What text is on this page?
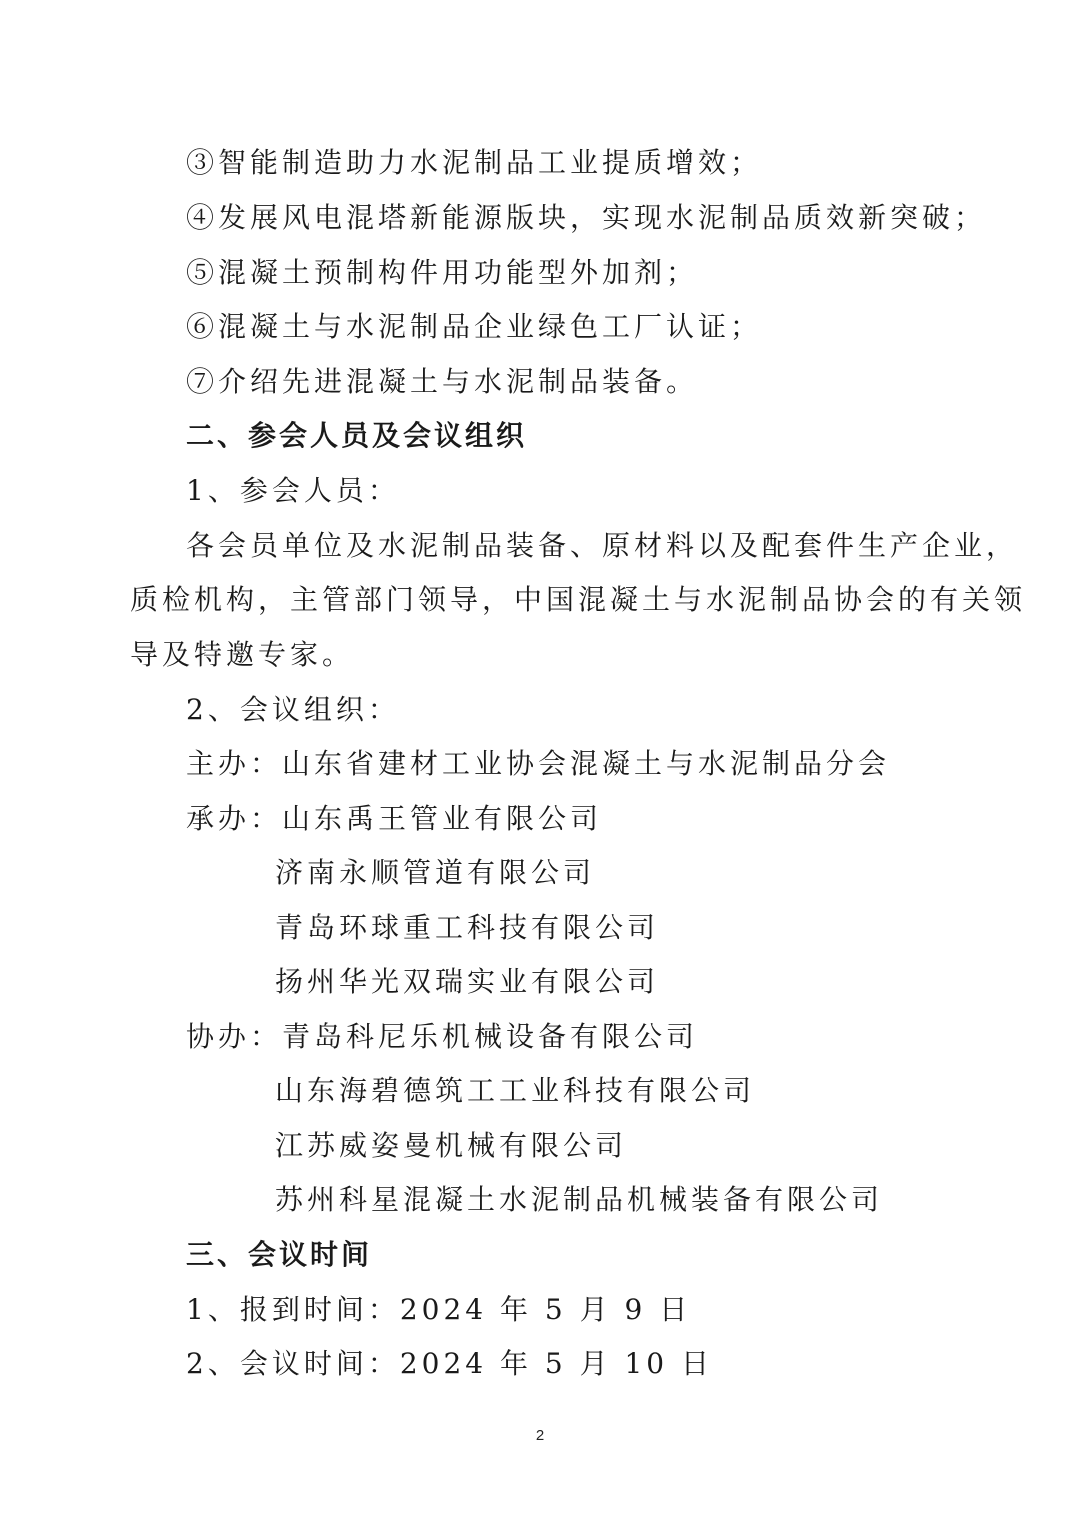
③智能制造助力水泥制品工业提质增效；
④发展风电混塔新能源版块，实现水泥制品质效新突破；
⑤混凝土预制构件用功能型外加剂；
⑥混凝土与水泥制品企业绿色工厂认证；
⑦介绍先进混凝土与水泥制品装备。
二、参会人员及会议组织
1、参会人员：
各会员单位及水泥制品装备、原材料以及配套件生产企业，
质检机构，主管部门领导，中国混凝土与水泥制品协会的有关领
导及特邀专家。
2、会议组织：
主办：山东省建材工业协会混凝土与水泥制品分会
承办：山东禹王管业有限公司
济南永顺管道有限公司
青岛环球重工科技有限公司
扬州华光双瑞实业有限公司
协办：青岛科尼乐机械设备有限公司
山东海碧德筑工工业科技有限公司
江苏威姿曼机械有限公司
苏州科星混凝土水泥制品机械装备有限公司
三、会议时间
1、报到时间：2024 年 5 月 9 日
2、会议时间：2024 年 5 月 10 日
2
